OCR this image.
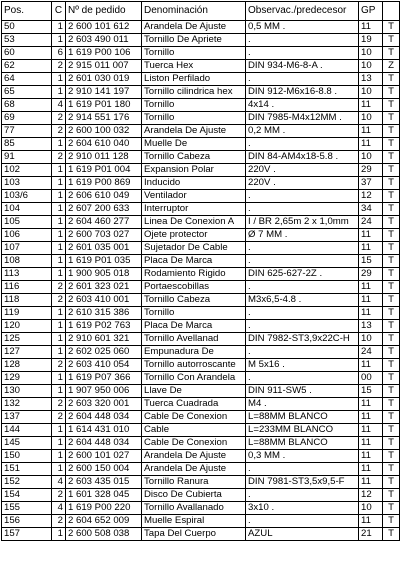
Pos.	C	Nº de pedido	Denominación	Observac./predecesor	GP	
50	1	2 600 101 612	Arandela De Ajuste	0,5 MM .	11	T
53	1	2 603 490 011	Tornillo De Apriete	.	19	T
60	6	1 619 P00 106	Tornillo	.	10	T
62	2	2 915 011 007	Tuerca Hex	DIN 934-M6-8-A .	10	Z
64	1	2 601 030 019	Liston Perfilado	.	13	T
65	1	2 910 141 197	Tornillo cilindrica hex	DIN 912-M6x16-8.8 .	10	T
68	4	1 619 P01 180	Tornillo	4x14 .	11	T
69	2	2 914 551 176	Tornillo	DIN 7985-M4x12MM .	10	T
77	2	2 600 100 032	Arandela De Ajuste	0,2 MM .	11	T
85	1	2 604 610 040	Muelle De	.	11	T
91	2	2 910 011 128	Tornillo Cabeza	DIN 84-AM4x18-5.8 .	10	T
102	1	1 619 P01 004	Expansion Polar	220V .	29	T
103	1	1 619 P00 869	Inducido	220V .	37	T
103/6	1	2 606 610 049	Ventilador	.	12	T
104	1	2 607 200 633	Interruptor	.	34	T
105	1	2 604 460 277	Linea De Conexion A	I / BR 2,65m 2 x 1,0mm	24	T
106	1	2 600 703 027	Ojete protector	Ø 7 MM .	11	T
107	1	2 601 035 001	Sujetador De Cable	.	11	T
108	1	1 619 P01 035	Placa De Marca	.	15	T
113	1	1 900 905 018	Rodamiento Rigido	DIN 625-627-2Z .	29	T
116	2	2 601 323 021	Portaescobillas	.	11	T
118	2	2 603 410 001	Tornillo Cabeza	M3x6,5-4.8 .	11	T
119	1	2 610 315 386	Tornillo	.	11	T
120	1	1 619 P02 763	Placa De Marca	.	13	T
125	1	2 910 601 321	Tornillo Avellanad	DIN 7982-ST3,9x22C-H	10	T
127	1	2 602 025 060	Empunadura De	.	24	T
128	2	2 603 410 054	Tornillo autorroscante	M 5x16 .	11	T
129	1	1 619 P07 366	Tornillo Con Arandela	.	00	T
130	1	1 907 950 006	Llave De	DIN 911-SW5 .	15	T
132	2	2 603 320 001	Tuerca Cuadrada	M4 .	11	T
137	2	2 604 448 034	Cable De Conexion	L=88MM BLANCO	11	T
144	1	1 614 431 010	Cable	L=233MM BLANCO	11	T
145	1	2 604 448 034	Cable De Conexion	L=88MM BLANCO	11	T
150	1	2 600 101 027	Arandela De Ajuste	0,3 MM .	11	T
151	1	2 600 150 004	Arandela De Ajuste	.	11	T
152	4	2 603 435 015	Tornillo Ranura	DIN 7981-ST3,5x9,5-F	11	T
154	2	1 601 328 045	Disco De Cubierta	.	12	T
155	4	1 619 P00 220	Tornillo Avallanado	3x10 .	10	T
156	2	2 604 652 009	Muelle Espiral	.	11	T
157	1	2 600 508 038	Tapa Del Cuerpo	AZUL	21	T
